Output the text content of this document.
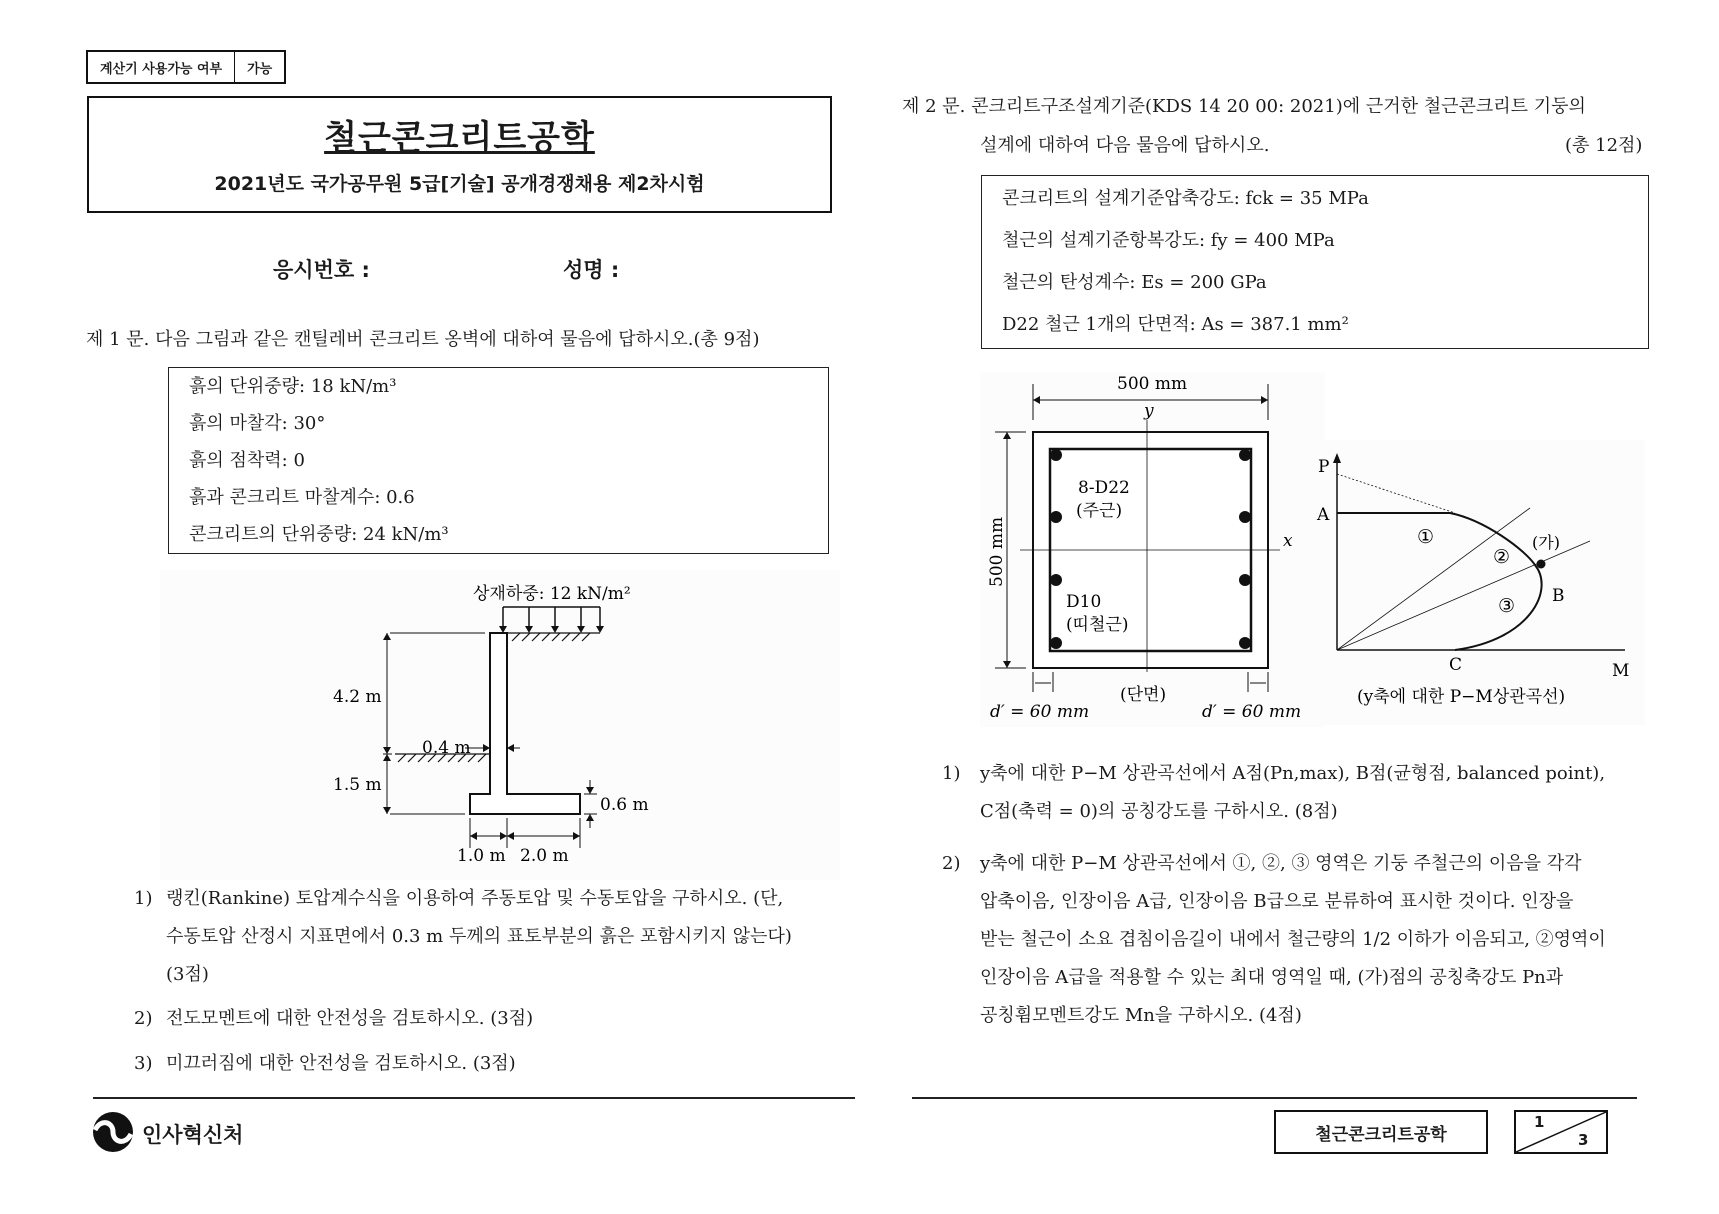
계산기 사용가능 여부	가능
철근콘크리트공학
2021년도 국가공무원 5급[기술] 공개경쟁채용 제2차시험
응시번호 :	성명 :
제 1 문. 다음 그림과 같은 캔틸레버 콘크리트 옹벽에 대하여 물음에 답하시오.(총 9점)
흙의 단위중량: 18 kN/m³
흙의 마찰각: 30°
흙의 점착력: 0
흙과 콘크리트 마찰계수: 0.6
콘크리트의 단위중량: 24 kN/m³
상재하중: 12 kN/m²
4.2 m
1.5 m
0.4 m
0.6 m
1.0 m 2.0 m
1) 랭킨(Rankine) 토압계수식을 이용하여 주동토압 및 수동토압을 구하시오. (단,
수동토압 산정시 지표면에서 0.3 m 두께의 표토부분의 흙은 포함시키지 않는다)
(3점)
2) 전도모멘트에 대한 안전성을 검토하시오. (3점)
3) 미끄러짐에 대한 안전성을 검토하시오. (3점)
제 2 문. 콘크리트구조설계기준(KDS 14 20 00: 2021)에 근거한 철근콘크리트 기둥의
설계에 대하여 다음 물음에 답하시오.	(총 12점)
콘크리트의 설계기준압축강도: fck = 35 MPa
철근의 설계기준항복강도: fy = 400 MPa
철근의 탄성계수: Es = 200 GPa
D22 철근 1개의 단면적: As = 387.1 mm²
500 mm
500 mm
y
x
8-D22
(주근)
D10
(띠철근)
(단면)
d′ = 60 mm	d′ = 60 mm
P
M
A
B
C
①
②
③
(가)
(y축에 대한 P−M상관곡선)
1)	y축에 대한 P−M 상관곡선에서 A점(Pn,max), B점(균형점, balanced point),
C점(축력 = 0)의 공칭강도를 구하시오. (8점)
2)	y축에 대한 P−M 상관곡선에서 ①, ②, ③ 영역은 기둥 주철근의 이음을 각각
압축이음, 인장이음 A급, 인장이음 B급으로 분류하여 표시한 것이다. 인장을
받는 철근이 소요 겹침이음길이 내에서 철근량의 1/2 이하가 이음되고, ②영역이
인장이음 A급을 적용할 수 있는 최대 영역일 때, (가)점의 공칭축강도 Pn과
공칭휨모멘트강도 Mn을 구하시오. (4점)
인사혁신처	철근콘크리트공학
1
3
